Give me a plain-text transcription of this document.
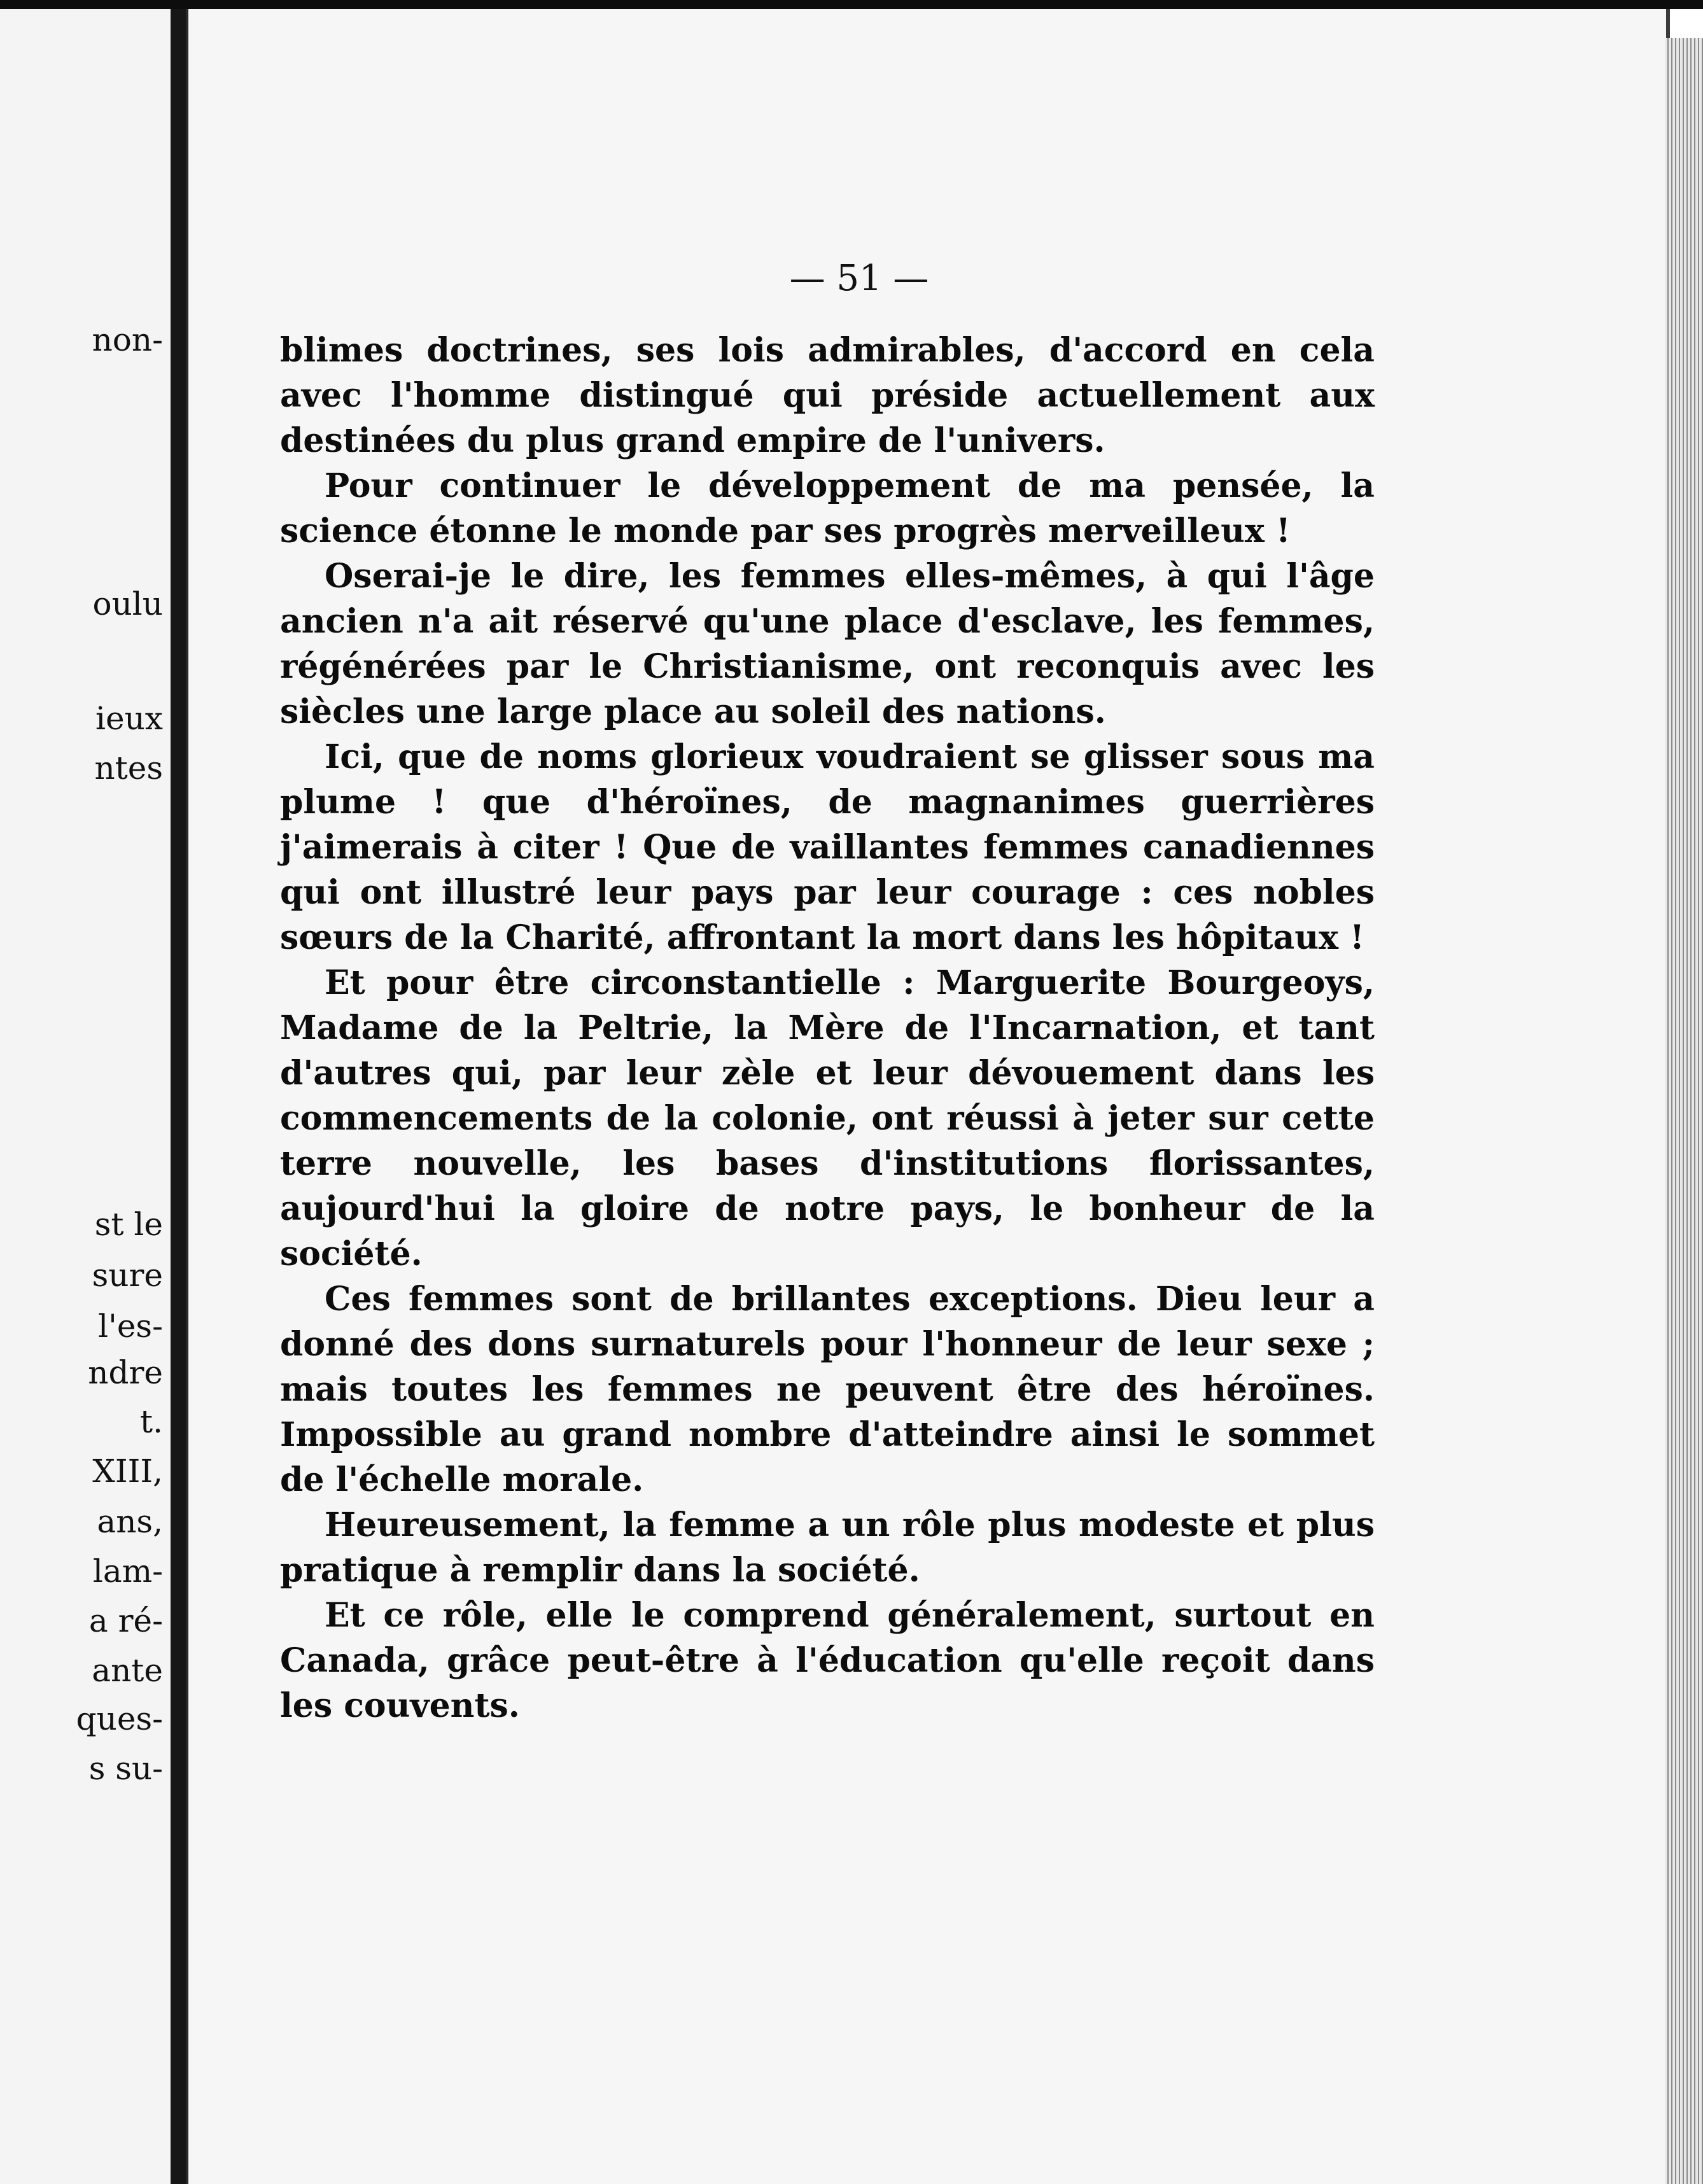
non-
oulu
ieux
ntes
st le
sure
l'es-
ndre
t.
XIII,
ans,
lam-
a ré-
ante
ques-
s su-
— 51 —

blimes doctrines, ses lois admirables, d'accord en cela avec l'homme distingué qui préside actuellement aux destinées du plus grand empire de l'univers.

Pour continuer le développement de ma pensée, la science étonne le monde par ses progrès merveilleux !

Oserai-je le dire, les femmes elles-mêmes, à qui l'âge ancien n'a ait réservé qu'une place d'esclave, les femmes, régénérées par le Christianisme, ont reconquis avec les siècles une large place au soleil des nations.

Ici, que de noms glorieux voudraient se glisser sous ma plume ! que d'héroïnes, de magnanimes guerrières j'aimerais à citer ! Que de vaillantes femmes canadiennes qui ont illustré leur pays par leur courage : ces nobles sœurs de la Charité, affrontant la mort dans les hôpitaux !

Et pour être circonstantielle : Marguerite Bourgeoys, Madame de la Peltrie, la Mère de l'Incarnation, et tant d'autres qui, par leur zèle et leur dévouement dans les commencements de la colonie, ont réussi à jeter sur cette terre nouvelle, les bases d'institutions florissantes, aujourd'hui la gloire de notre pays, le bonheur de la société.

Ces femmes sont de brillantes exceptions. Dieu leur a donné des dons surnaturels pour l'honneur de leur sexe ; mais toutes les femmes ne peuvent être des héroïnes. Impossible au grand nombre d'atteindre ainsi le sommet de l'échelle morale.

Heureusement, la femme a un rôle plus modeste et plus pratique à remplir dans la société.

Et ce rôle, elle le comprend généralement, surtout en Canada, grâce peut-être à l'éducation qu'elle reçoit dans les couvents.
